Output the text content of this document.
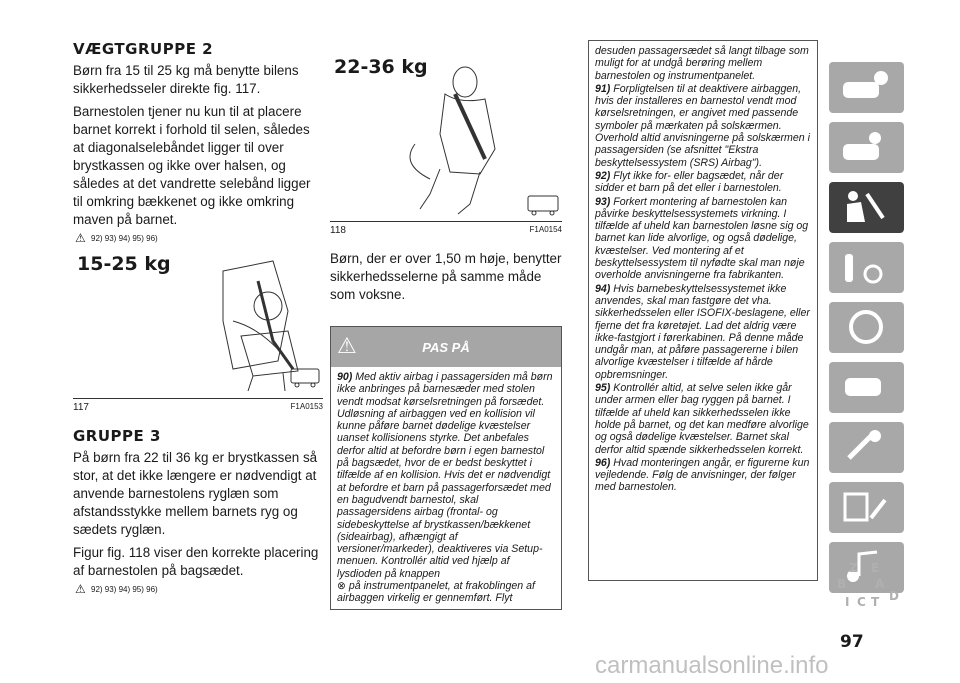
VÆGTGRUPPE 2

Børn fra 15 til 25 kg må benytte bilens sikkerhedsseler direkte fig. 117.

Barnestolen tjener nu kun til at placere barnet korrekt i forhold til selen, således at diagonalselebåndet ligger til over brystkassen og ikke over halsen, og således at det vandrette selebånd ligger til omkring bækkenet og ikke omkring maven på barnet.

⚠ 92) 93) 94) 95) 96)
15-25 kg
117	F1A0153
GRUPPE 3

På børn fra 22 til 36 kg er brystkassen så stor, at det ikke længere er nødvendigt at anvende barnestolens ryglæn som afstandsstykke mellem barnets ryg og sædets ryglæn.

Figur fig. 118 viser den korrekte placering af barnestolen på bagsædet.

⚠ 92) 93) 94) 95) 96)
22-36 kg
118	F1A0154

Børn, der er over 1,50 m høje, benytter sikkerhedsselerne på samme måde som voksne.

⚠	PAS PÅ
90) Med aktiv airbag i passagersiden må børn ikke anbringes på barnesæder med stolen vendt modsat kørselsretningen på forsædet. Udløsning af airbaggen ved en kollision vil kunne påføre barnet dødelige kvæstelser uanset kollisionens styrke. Det anbefales derfor altid at befordre børn i egen barnestol på bagsædet, hvor de er bedst beskyttet i tilfælde af en kollision. Hvis det er nødvendigt at befordre et barn på passagerforsædet med en bagudvendt barnestol, skal passagersidens airbag (frontal- og sidebeskyttelse af brystkassen/bækkenet (sideairbag), afhængigt af versioner/markeder), deaktiveres via Setup-menuen. Kontrollér altid ved hjælp af lysdioden på knappen
⊗ på instrumentpanelet, at frakoblingen af airbaggen virkelig er gennemført. Flyt

desuden passagersædet så langt tilbage som muligt for at undgå berøring mellem barnestolen og instrumentpanelet.

91) Forpligtelsen til at deaktivere airbaggen, hvis der installeres en barnestol vendt mod kørselsretningen, er angivet med passende symboler på mærkaten på solskærmen. Overhold altid anvisningerne på solskærmen i passagersiden (se afsnittet "Ekstra beskyttelsessystem (SRS) Airbag").

92) Flyt ikke for- eller bagsædet, når der sidder et barn på det eller i barnestolen.

93) Forkert montering af barnestolen kan påvirke beskyttelsessystemets virkning. I tilfælde af uheld kan barnestolen løsne sig og barnet kan lide alvorlige, og også dødelige, kvæstelser. Ved montering af et beskyttelsessystem til nyfødte skal man nøje overholde anvisningerne fra fabrikanten.

94) Hvis barnebeskyttelsessystemet ikke anvendes, skal man fastgøre det vha. sikkerhedsselen eller ISOFIX-beslagene, eller fjerne det fra køretøjet. Lad det aldrig være ikke-fastgjort i førerkabinen. På denne måde undgår man, at påføre passagererne i bilen alvorlige kvæstelser i tilfælde af hårde opbremsninger.

95) Kontrollér altid, at selve selen ikke går under armen eller bag ryggen på barnet. I tilfælde af uheld kan sikkerhedsselen ikke holde på barnet, og det kan medføre alvorlige og også dødelige kvæstelser. Barnet skal derfor altid spænde sikkerhedsselen korrekt.

96) Hvad monteringen angår, er figurerne kun vejledende. Følg de anvisninger, der følger med barnestolen.

Z E
B A
I C T D
97
carmanualsonline.info
